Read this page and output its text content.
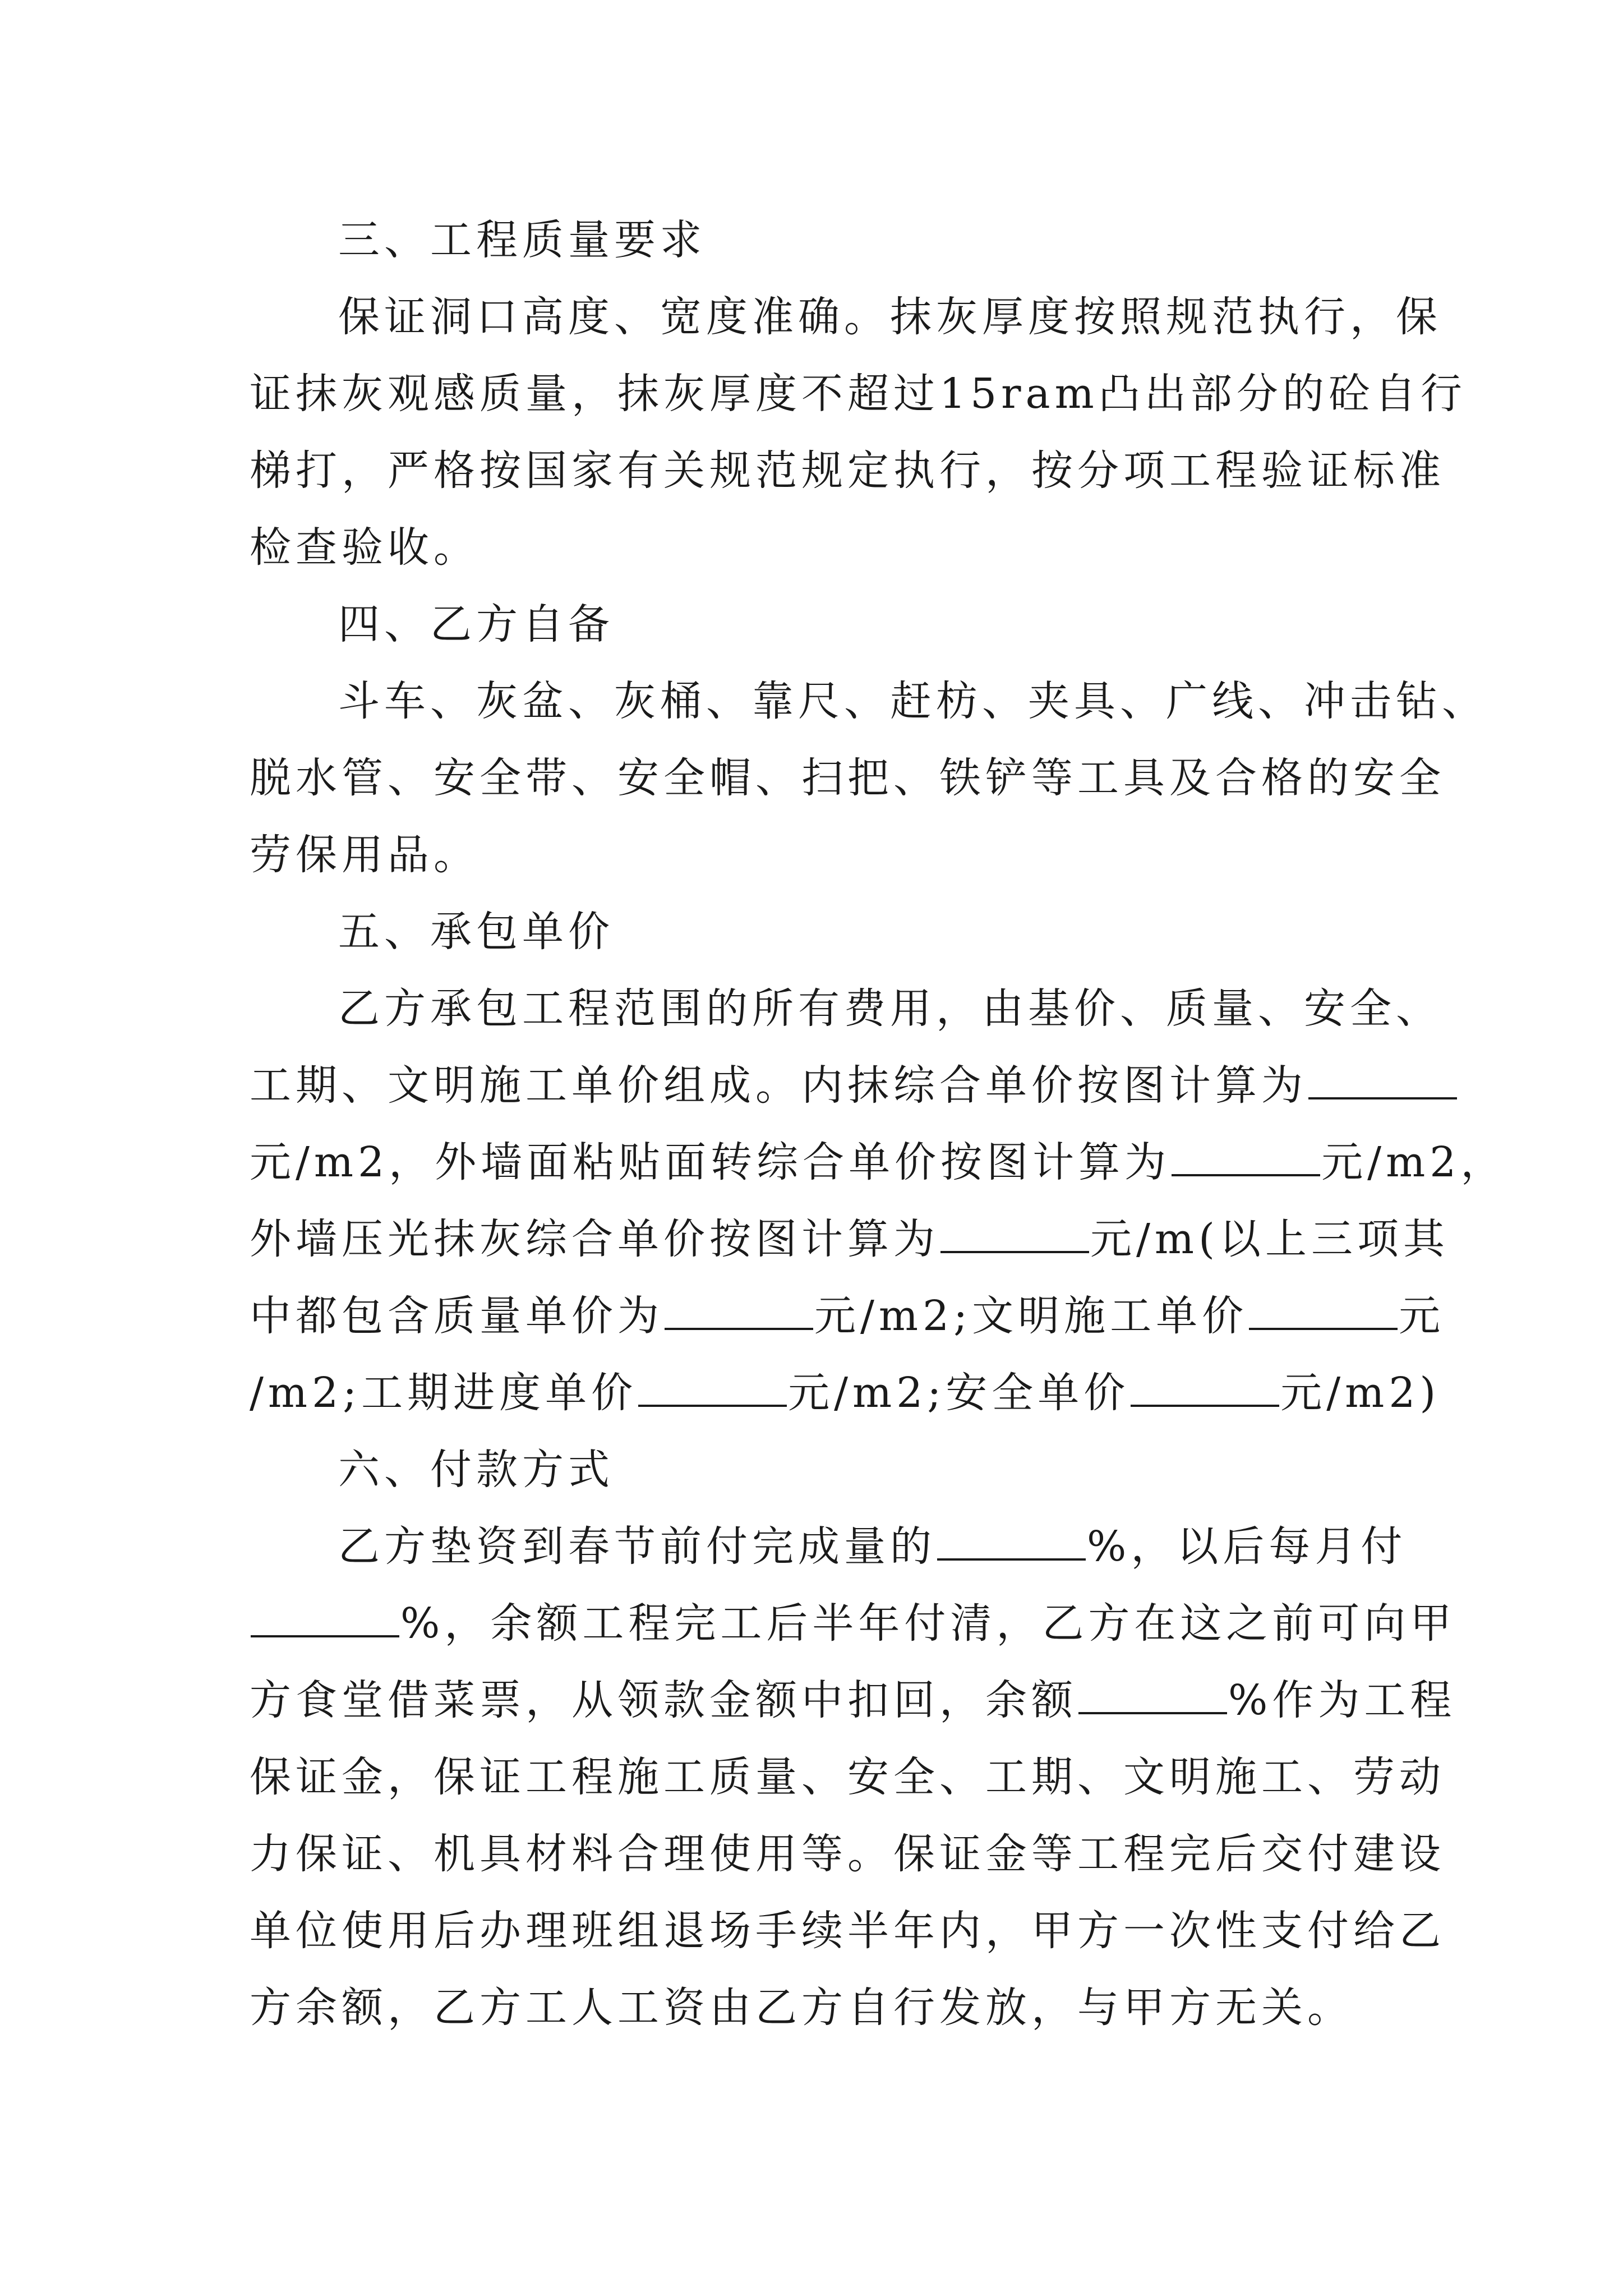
三、工程质量要求
保证洞口高度、宽度准确。抹灰厚度按照规范执行，保
证抹灰观感质量，抹灰厚度不超过15ram凸出部分的砼自行
梯打，严格按国家有关规范规定执行，按分项工程验证标准
检查验收。
四、乙方自备
斗车、灰盆、灰桶、靠尺、赶枋、夹具、广线、冲击钻、
脱水管、安全带、安全帽、扫把、铁铲等工具及合格的安全
劳保用品。
五、承包单价
乙方承包工程范围的所有费用，由基价、质量、安全、
工期、文明施工单价组成。内抹综合单价按图计算为
元/m2，外墙面粘贴面转综合单价按图计算为	元/m2，
外墙压光抹灰综合单价按图计算为	元/m(以上三项其
中都包含质量单价为	元/m2;文明施工单价	元
/m2;工期进度单价	元/m2;安全单价	元/m2)
六、付款方式
乙方垫资到春节前付完成量的	%，以后每月付
%，余额工程完工后半年付清，乙方在这之前可向甲
方食堂借菜票，从领款金额中扣回，余额	%作为工程
保证金，保证工程施工质量、安全、工期、文明施工、劳动
力保证、机具材料合理使用等。保证金等工程完后交付建设
单位使用后办理班组退场手续半年内，甲方一次性支付给乙
方余额，乙方工人工资由乙方自行发放，与甲方无关。
